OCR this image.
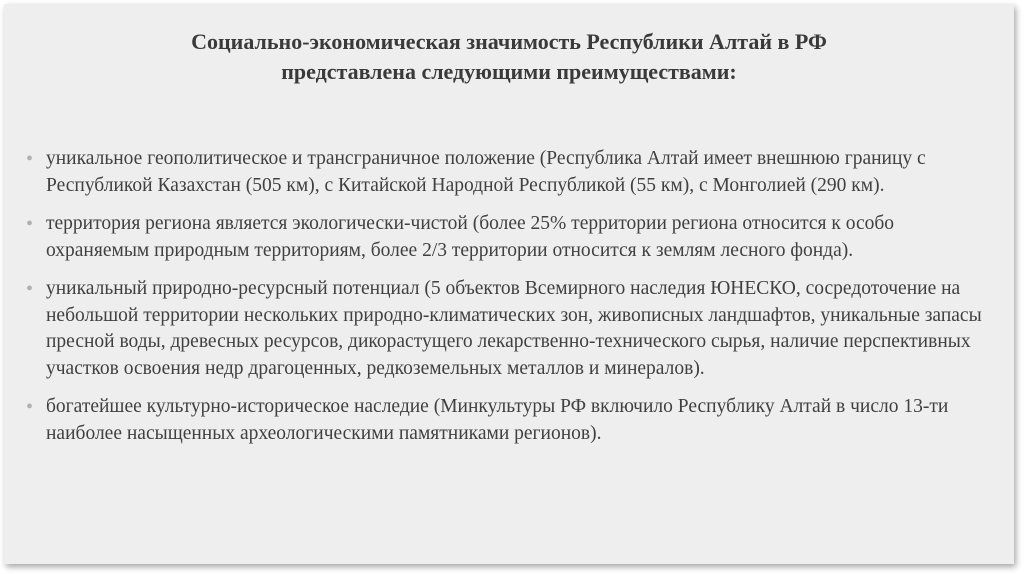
Социально-экономическая значимость Республики Алтай в РФ
представлена следующими преимуществами:
• уникальное геополитическое и трансграничное положение (Республика Алтай имеет внешнюю границу с Республикой Казахстан (505 км), с Китайской Народной Республикой (55 км), с Монголией (290 км).
• территория региона является экологически-чистой (более 25% территории региона относится к особо охраняемым природным территориям, более 2/3 территории относится к землям лесного фонда).
• уникальный природно-ресурсный потенциал (5 объектов Всемирного наследия ЮНЕСКО, сосредоточение на небольшой территории нескольких природно-климатических зон, живописных ландшафтов, уникальные запасы пресной воды, древесных ресурсов, дикорастущего лекарственно-технического сырья, наличие перспективных участков освоения недр драгоценных, редкоземельных металлов и минералов).
• богатейшее культурно-историческое наследие (Минкультуры РФ включило Республику Алтай в число 13-ти наиболее насыщенных археологическими памятниками регионов).
